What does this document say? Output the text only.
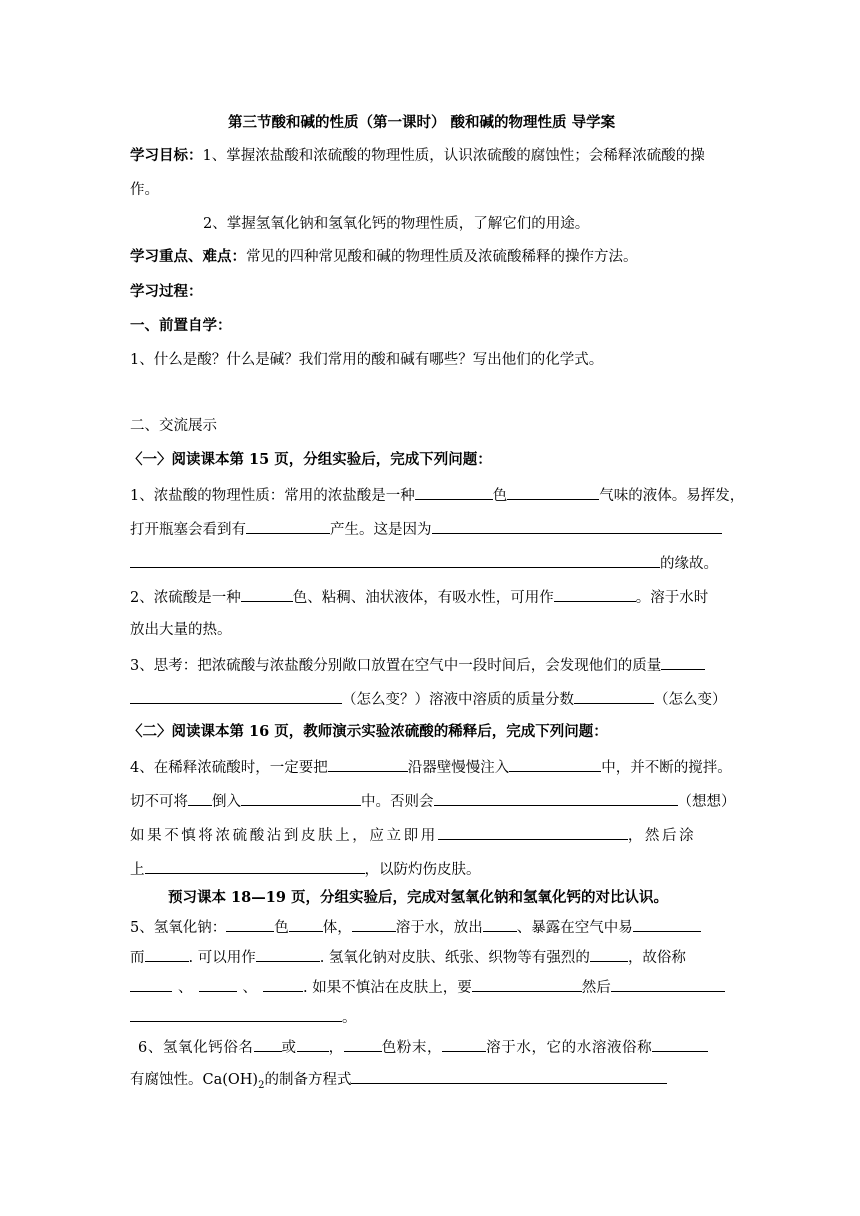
第三节酸和碱的性质（第一课时） 酸和碱的物理性质 导学案
学习目标：1、掌握浓盐酸和浓硫酸的物理性质，认识浓硫酸的腐蚀性；会稀释浓硫酸的操
作。
2、掌握氢氧化钠和氢氧化钙的物理性质，了解它们的用途。
学习重点、难点：常见的四种常见酸和碱的物理性质及浓硫酸稀释的操作方法。
学习过程：
一、前置自学：
1、什么是酸？什么是碱？我们常用的酸和碱有哪些？写出他们的化学式。
二、交流展示
〈一〉阅读课本第 15 页，分组实验后，完成下列问题：
1、浓盐酸的物理性质：常用的浓盐酸是一种	色	气味的液体。易挥发，
打开瓶塞会看到有	产生。这是因为
的缘故。
2、浓硫酸是一种	色、粘稠、油状液体，有吸水性，可用作	。溶于水时
放出大量的热。
3、思考：把浓硫酸与浓盐酸分别敞口放置在空气中一段时间后，会发现他们的质量
（怎么变？）溶液中溶质的质量分数	（怎么变）
〈二〉阅读课本第 16 页，教师演示实验浓硫酸的稀释后，完成下列问题：
4、在稀释浓硫酸时，一定要把	沿器壁慢慢注入	中，并不断的搅拌。
切不可将 倒入	中。否则会	（想想）
如果不慎将浓硫酸沾到皮肤上，应立即用	，然后涂
上	，以防灼伤皮肤。
预习课本 18—19 页，分组实验后，完成对氢氧化钠和氢氧化钙的对比认识。
5、氢氧化钠：	色 体，	溶于水，放出 、暴露在空气中易
而	. 可以用作	. 氢氧化钠对皮肤、纸张、织物等有强烈的	，故俗称
、	、	. 如果不慎沾在皮肤上，要	然后
。
6、氢氧化钙俗名 或 ，	色粉末，	溶于水，它的水溶液俗称
有腐蚀性。$Ca(OH)_2$的制备方程式
